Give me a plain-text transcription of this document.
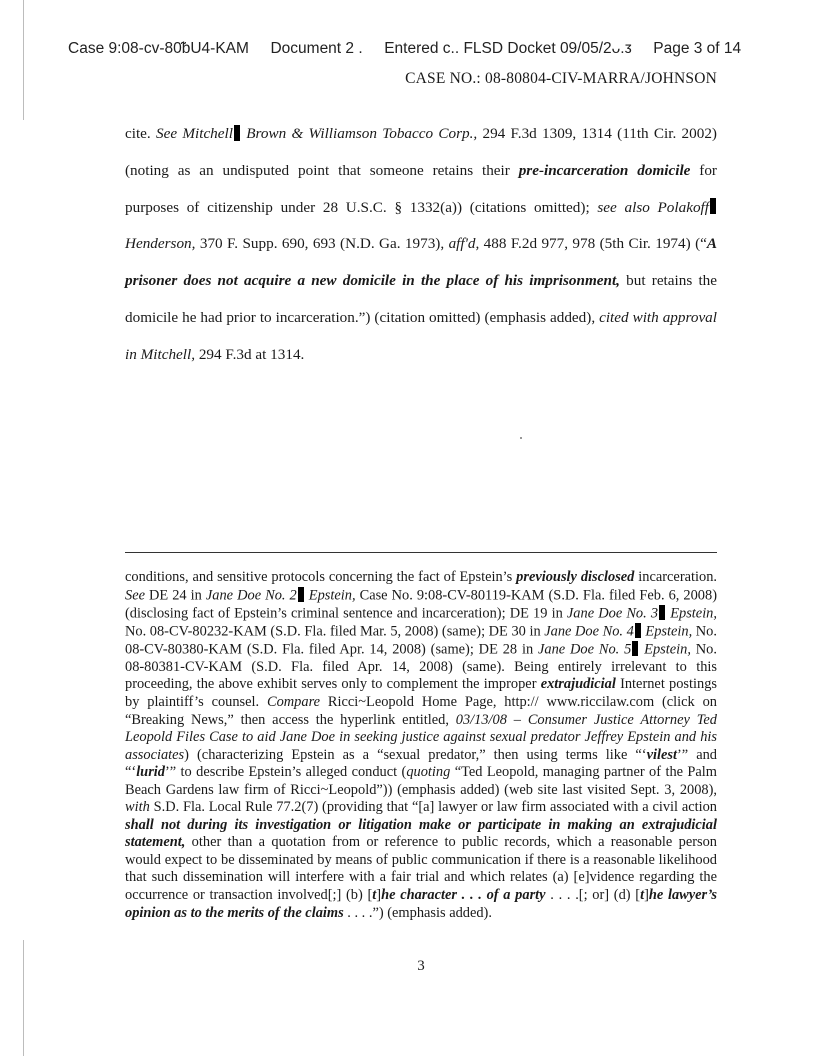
Case 9:08-cv-80ᵬU4-KAM Document 2 . Entered ᴄ.. FLSD Docket 09/05/2ᴗ.ᴣ Page 3 of 14
CASE NO.: 08-80804-CIV-MARRA/JOHNSON

cite. See Mitchell Brown & Williamson Tobacco Corp., 294 F.3d 1309, 1314 (11th Cir. 2002) (noting as an undisputed point that someone retains their pre-incarceration domicile for purposes of citizenship under 28 U.S.C. § 1332(a)) (citations omitted); see also Polakoff Henderson, 370 F. Supp. 690, 693 (N.D. Ga. 1973), aff'd, 488 F.2d 977, 978 (5th Cir. 1974) (“A prisoner does not acquire a new domicile in the place of his imprisonment, but retains the domicile he had prior to incarceration.”) (citation omitted) (emphasis added), cited with approval in Mitchell, 294 F.3d at 1314.

conditions, and sensitive protocols concerning the fact of Epstein’s previously disclosed incarceration. See DE 24 in Jane Doe No. 2 Epstein, Case No. 9:08-CV-80119-KAM (S.D. Fla. filed Feb. 6, 2008) (disclosing fact of Epstein’s criminal sentence and incarceration); DE 19 in Jane Doe No. 3 Epstein, No. 08-CV-80232-KAM (S.D. Fla. filed Mar. 5, 2008) (same); DE 30 in Jane Doe No. 4 Epstein, No. 08-CV-80380-KAM (S.D. Fla. filed Apr. 14, 2008) (same); DE 28 in Jane Doe No. 5 Epstein, No. 08-80381-CV-KAM (S.D. Fla. filed Apr. 14, 2008) (same). Being entirely irrelevant to this proceeding, the above exhibit serves only to complement the improper extrajudicial Internet postings by plaintiff’s counsel. Compare Ricci~Leopold Home Page, http:// www.riccilaw.com (click on “Breaking News,” then access the hyperlink entitled, 03/13/08 – Consumer Justice Attorney Ted Leopold Files Case to aid Jane Doe in seeking justice against sexual predator Jeffrey Epstein and his associates) (characterizing Epstein as a “sexual predator,” then using terms like “‘vilest’” and “‘lurid’” to describe Epstein’s alleged conduct (quoting “Ted Leopold, managing partner of the Palm Beach Gardens law firm of Ricci~Leopold”)) (emphasis added) (web site last visited Sept. 3, 2008), with S.D. Fla. Local Rule 77.2(7) (providing that “[a] lawyer or law firm associated with a civil action shall not during its investigation or litigation make or participate in making an extrajudicial statement, other than a quotation from or reference to public records, which a reasonable person would expect to be disseminated by means of public communication if there is a reasonable likelihood that such dissemination will interfere with a fair trial and which relates (a) [e]vidence regarding the occurrence or transaction involved[;] (b) [t]he character . . . of a party . . . .[; or] (d) [t]he lawyer’s opinion as to the merits of the claims . . . .”) (emphasis added).

3
